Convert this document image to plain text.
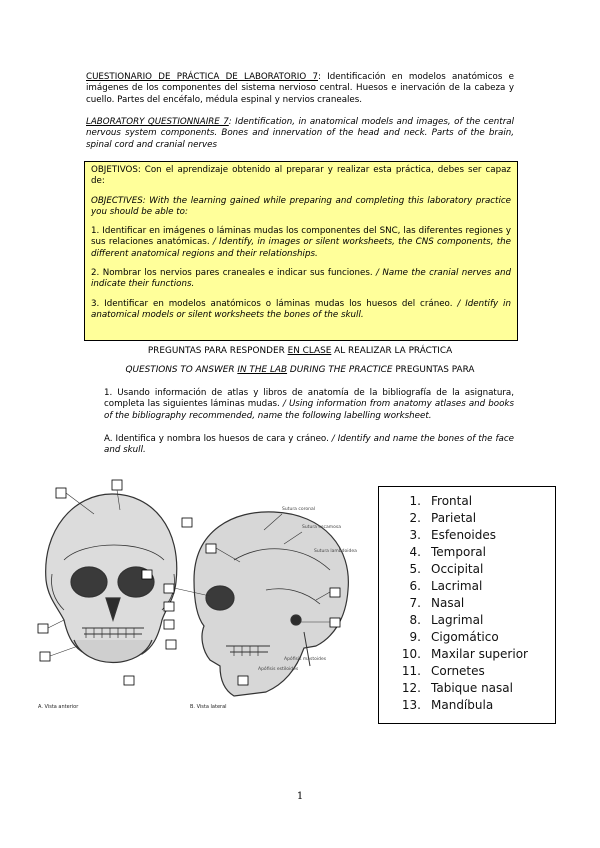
CUESTIONARIO DE PRÁCTICA DE LABORATORIO 7: Identificación en modelos anatómicos e imágenes de los componentes del sistema nervioso central. Huesos e inervación de la cabeza y cuello. Partes del encéfalo, médula espinal y nervios craneales.
LABORATORY QUESTIONNAIRE 7: Identification, in anatomical models and images, of the central nervous system components. Bones and innervation of the head and neck. Parts of the brain, spinal cord and cranial nerves

OBJETIVOS: Con el aprendizaje obtenido al preparar y realizar esta práctica, debes ser capaz de:

OBJECTIVES: With the learning gained while preparing and completing this laboratory practice you should be able to:

1. Identificar en imágenes o láminas mudas los componentes del SNC, las diferentes regiones y sus relaciones anatómicas. / Identify, in images or silent worksheets, the CNS components, the different anatomical regions and their relationships.

2. Nombrar los nervios pares craneales e indicar sus funciones. / Name the cranial nerves and indicate their functions.

3. Identificar en modelos anatómicos o láminas mudas los huesos del cráneo. / Identify in anatomical models or silent worksheets the bones of the skull.

PREGUNTAS PARA RESPONDER EN CLASE AL REALIZAR LA PRÁCTICA
QUESTIONS TO ANSWER IN THE LAB DURING THE PRACTICE PREGUNTAS PARA
1. Usando información de atlas y libros de anatomía de la bibliografía de la asignatura, completa las siguientes láminas mudas. / Using information from anatomy atlases and books of the bibliography recommended, name the following labelling worksheet.
A. Identifica y nombra los huesos de cara y cráneo. / Identify and name the bones of the face and skull.
Sutura coronal
Sutura escamosa
Sutura lambdoidea
Apófisis mastoides
Apófisis estiloides
A. Vista anterior	B. Vista lateral
1. Frontal
2. Parietal
3. Esfenoides
4. Temporal
5. Occipital
6. Lacrimal
7. Nasal
8. Lagrimal
9. Cigomático
10. Maxilar superior
11. Cornetes
12. Tabique nasal
13. Mandíbula
1
